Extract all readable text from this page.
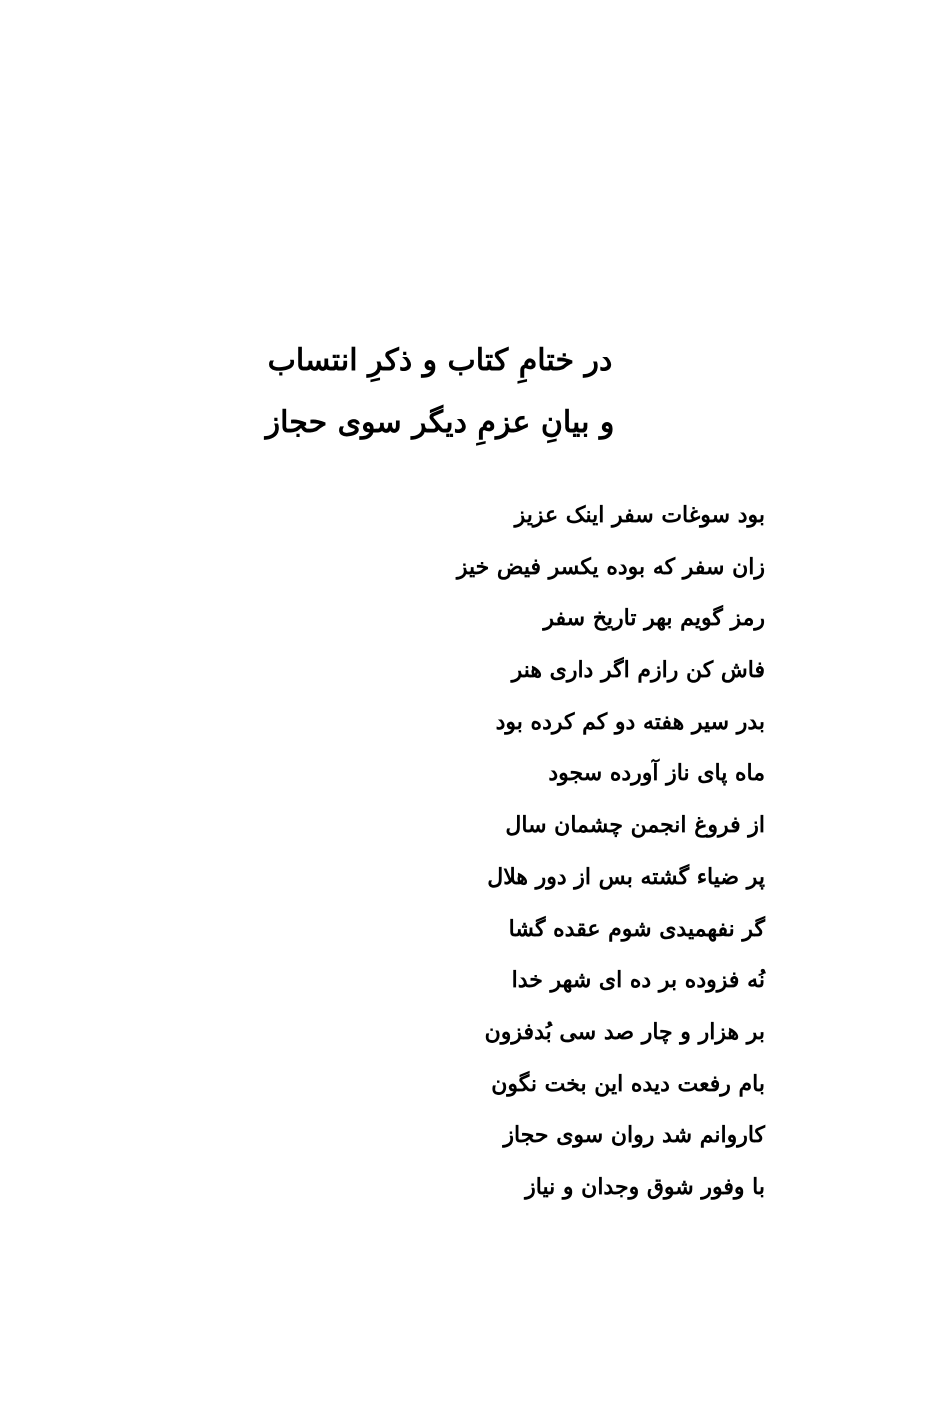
در ختامِ کتاب و ذکرِ انتساب
و بیانِ عزمِ دیگر سوی حجاز
بود سوغات سفر اینک عزیز
زان سفر که بوده یکسر فیض خیز
رمز گویم بهر تاریخ سفر
فاش کن رازم اگر داری هنر
بدر سیر هفته دو کم کرده بود
ماه پای ناز آورده سجود
از فروغ انجمن چشمان سال
پر ضیاء گشته بس از دور هلال
گر نفهمیدی شوم عقده گشا
نُه فزوده بر ده ای شهر خدا
بر هزار و چار صد سی بُدفزون
بام رفعت دیده این بخت نگون
کاروانم شد روان سوی حجاز
با وفور شوق وجدان و نیاز
